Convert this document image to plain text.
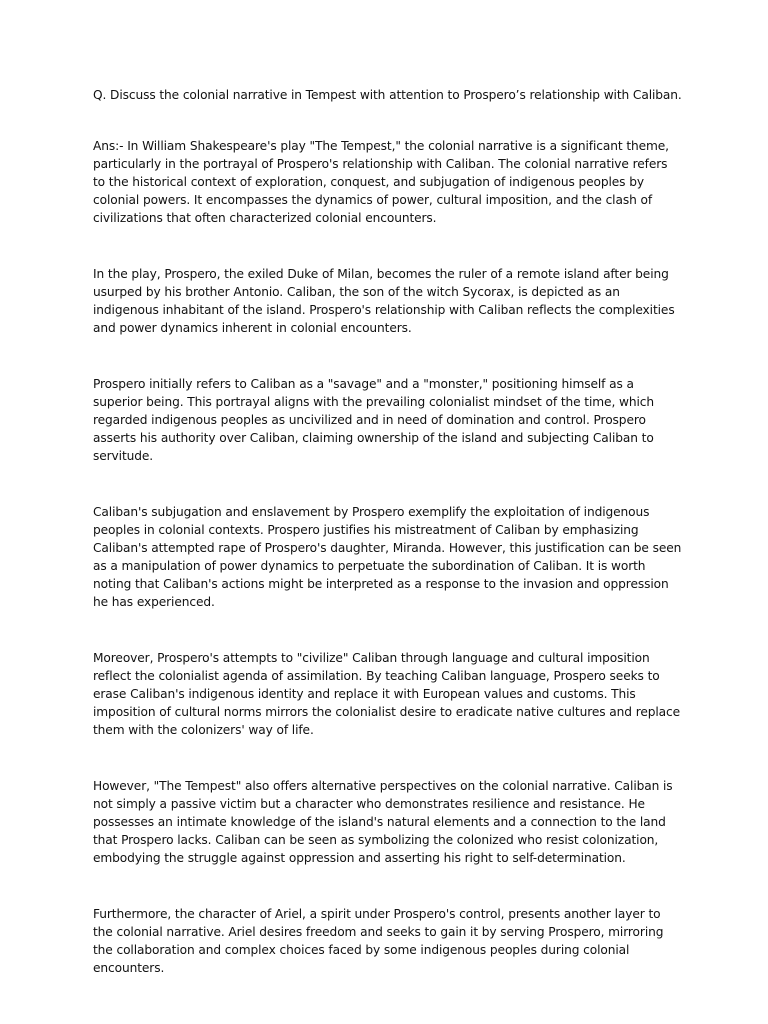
Q. Discuss the colonial narrative in Tempest with attention to Prospero’s relationship with Caliban.

Ans:- In William Shakespeare's play "The Tempest," the colonial narrative is a significant theme, particularly in the portrayal of Prospero's relationship with Caliban. The colonial narrative refers to the historical context of exploration, conquest, and subjugation of indigenous peoples by colonial powers. It encompasses the dynamics of power, cultural imposition, and the clash of civilizations that often characterized colonial encounters.

In the play, Prospero, the exiled Duke of Milan, becomes the ruler of a remote island after being usurped by his brother Antonio. Caliban, the son of the witch Sycorax, is depicted as an indigenous inhabitant of the island. Prospero's relationship with Caliban reflects the complexities and power dynamics inherent in colonial encounters.

Prospero initially refers to Caliban as a "savage" and a "monster," positioning himself as a superior being. This portrayal aligns with the prevailing colonialist mindset of the time, which regarded indigenous peoples as uncivilized and in need of domination and control. Prospero asserts his authority over Caliban, claiming ownership of the island and subjecting Caliban to servitude.

Caliban's subjugation and enslavement by Prospero exemplify the exploitation of indigenous peoples in colonial contexts. Prospero justifies his mistreatment of Caliban by emphasizing Caliban's attempted rape of Prospero's daughter, Miranda. However, this justification can be seen as a manipulation of power dynamics to perpetuate the subordination of Caliban. It is worth noting that Caliban's actions might be interpreted as a response to the invasion and oppression he has experienced.

Moreover, Prospero's attempts to "civilize" Caliban through language and cultural imposition reflect the colonialist agenda of assimilation. By teaching Caliban language, Prospero seeks to erase Caliban's indigenous identity and replace it with European values and customs. This imposition of cultural norms mirrors the colonialist desire to eradicate native cultures and replace them with the colonizers' way of life.

However, "The Tempest" also offers alternative perspectives on the colonial narrative. Caliban is not simply a passive victim but a character who demonstrates resilience and resistance. He possesses an intimate knowledge of the island's natural elements and a connection to the land that Prospero lacks. Caliban can be seen as symbolizing the colonized who resist colonization, embodying the struggle against oppression and asserting his right to self-determination.

Furthermore, the character of Ariel, a spirit under Prospero's control, presents another layer to the colonial narrative. Ariel desires freedom and seeks to gain it by serving Prospero, mirroring the collaboration and complex choices faced by some indigenous peoples during colonial encounters.
